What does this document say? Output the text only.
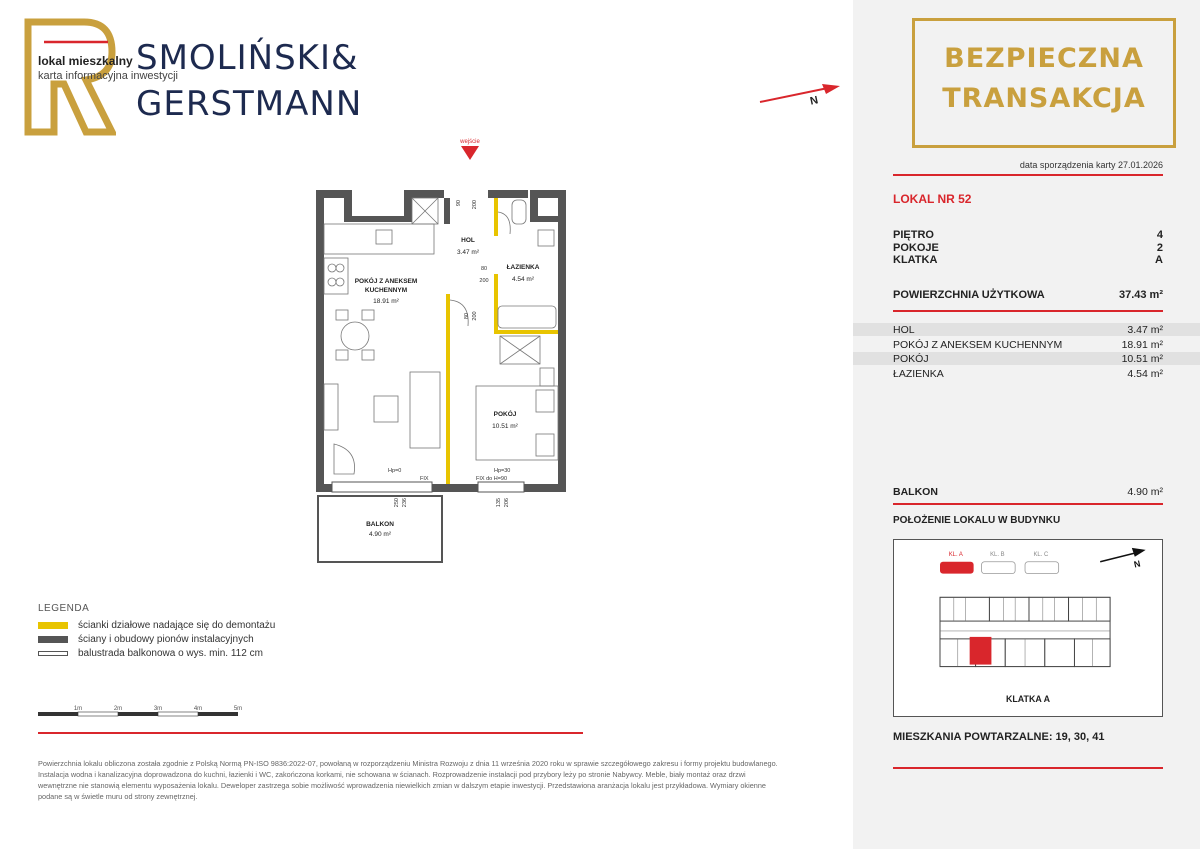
lokal mieszkalny
karta informacyjna inwestycji
SMOLIŃSKI&
GERSTMANN	N
wejście
HOL
3.47 m²
ŁAZIENKA
4.54 m²
POKÓJ Z ANEKSEM
KUCHENNYM
18.91 m²
POKÓJ
10.51 m²
BALKON
4.90 m²
90 200
80
200
80 200
Hp=0
FIX
Hp=30
FIX do H=90
250 236	135 206
LEGENDA
ścianki działowe nadające się do demontażu
ściany i obudowy pionów instalacyjnych
balustrada balkonowa o wys. min. 112 cm
1m	2m	3m	4m	5m
Powierzchnia lokalu obliczona została zgodnie z Polską Normą PN-ISO 9836:2022-07, powołaną w rozporządzeniu Ministra Rozwoju z dnia 11 września 2020 roku w sprawie szczegółowego zakresu i formy projektu budowlanego. Instalacja wodna i kanalizacyjna doprowadzona do kuchni, łazienki i WC, zakończona korkami, nie schowana w ścianach. Rozprowadzenie instalacji pod przybory leży po stronie Nabywcy. Meble, biały montaż oraz drzwi wewnętrzne nie stanowią elementu wyposażenia lokalu. Deweloper zastrzega sobie możliwość wprowadzenia niewielkich zmian w dalszym etapie inwestycji. Przedstawiona aranżacja lokalu jest przykładowa. Wymiary okienne podane są w świetle muru od strony zewnętrznej.
BEZPIECZNA
TRANSAKCJA
data sporządzenia karty 27.01.2026
LOKAL NR 52
PIĘTRO	4
POKOJE	2
KLATKA	A
POWIERZCHNIA UŻYTKOWA	37.43 m²
HOL	3.47 m²
POKÓJ Z ANEKSEM KUCHENNYM	18.91 m²
POKÓJ	10.51 m²
ŁAZIENKA	4.54 m²
BALKON	4.90 m²
POŁOŻENIE LOKALU W BUDYNKU
KL. A	KL. B	KL. C
N
KLATKA A
MIESZKANIA POWTARZALNE: 19, 30, 41
